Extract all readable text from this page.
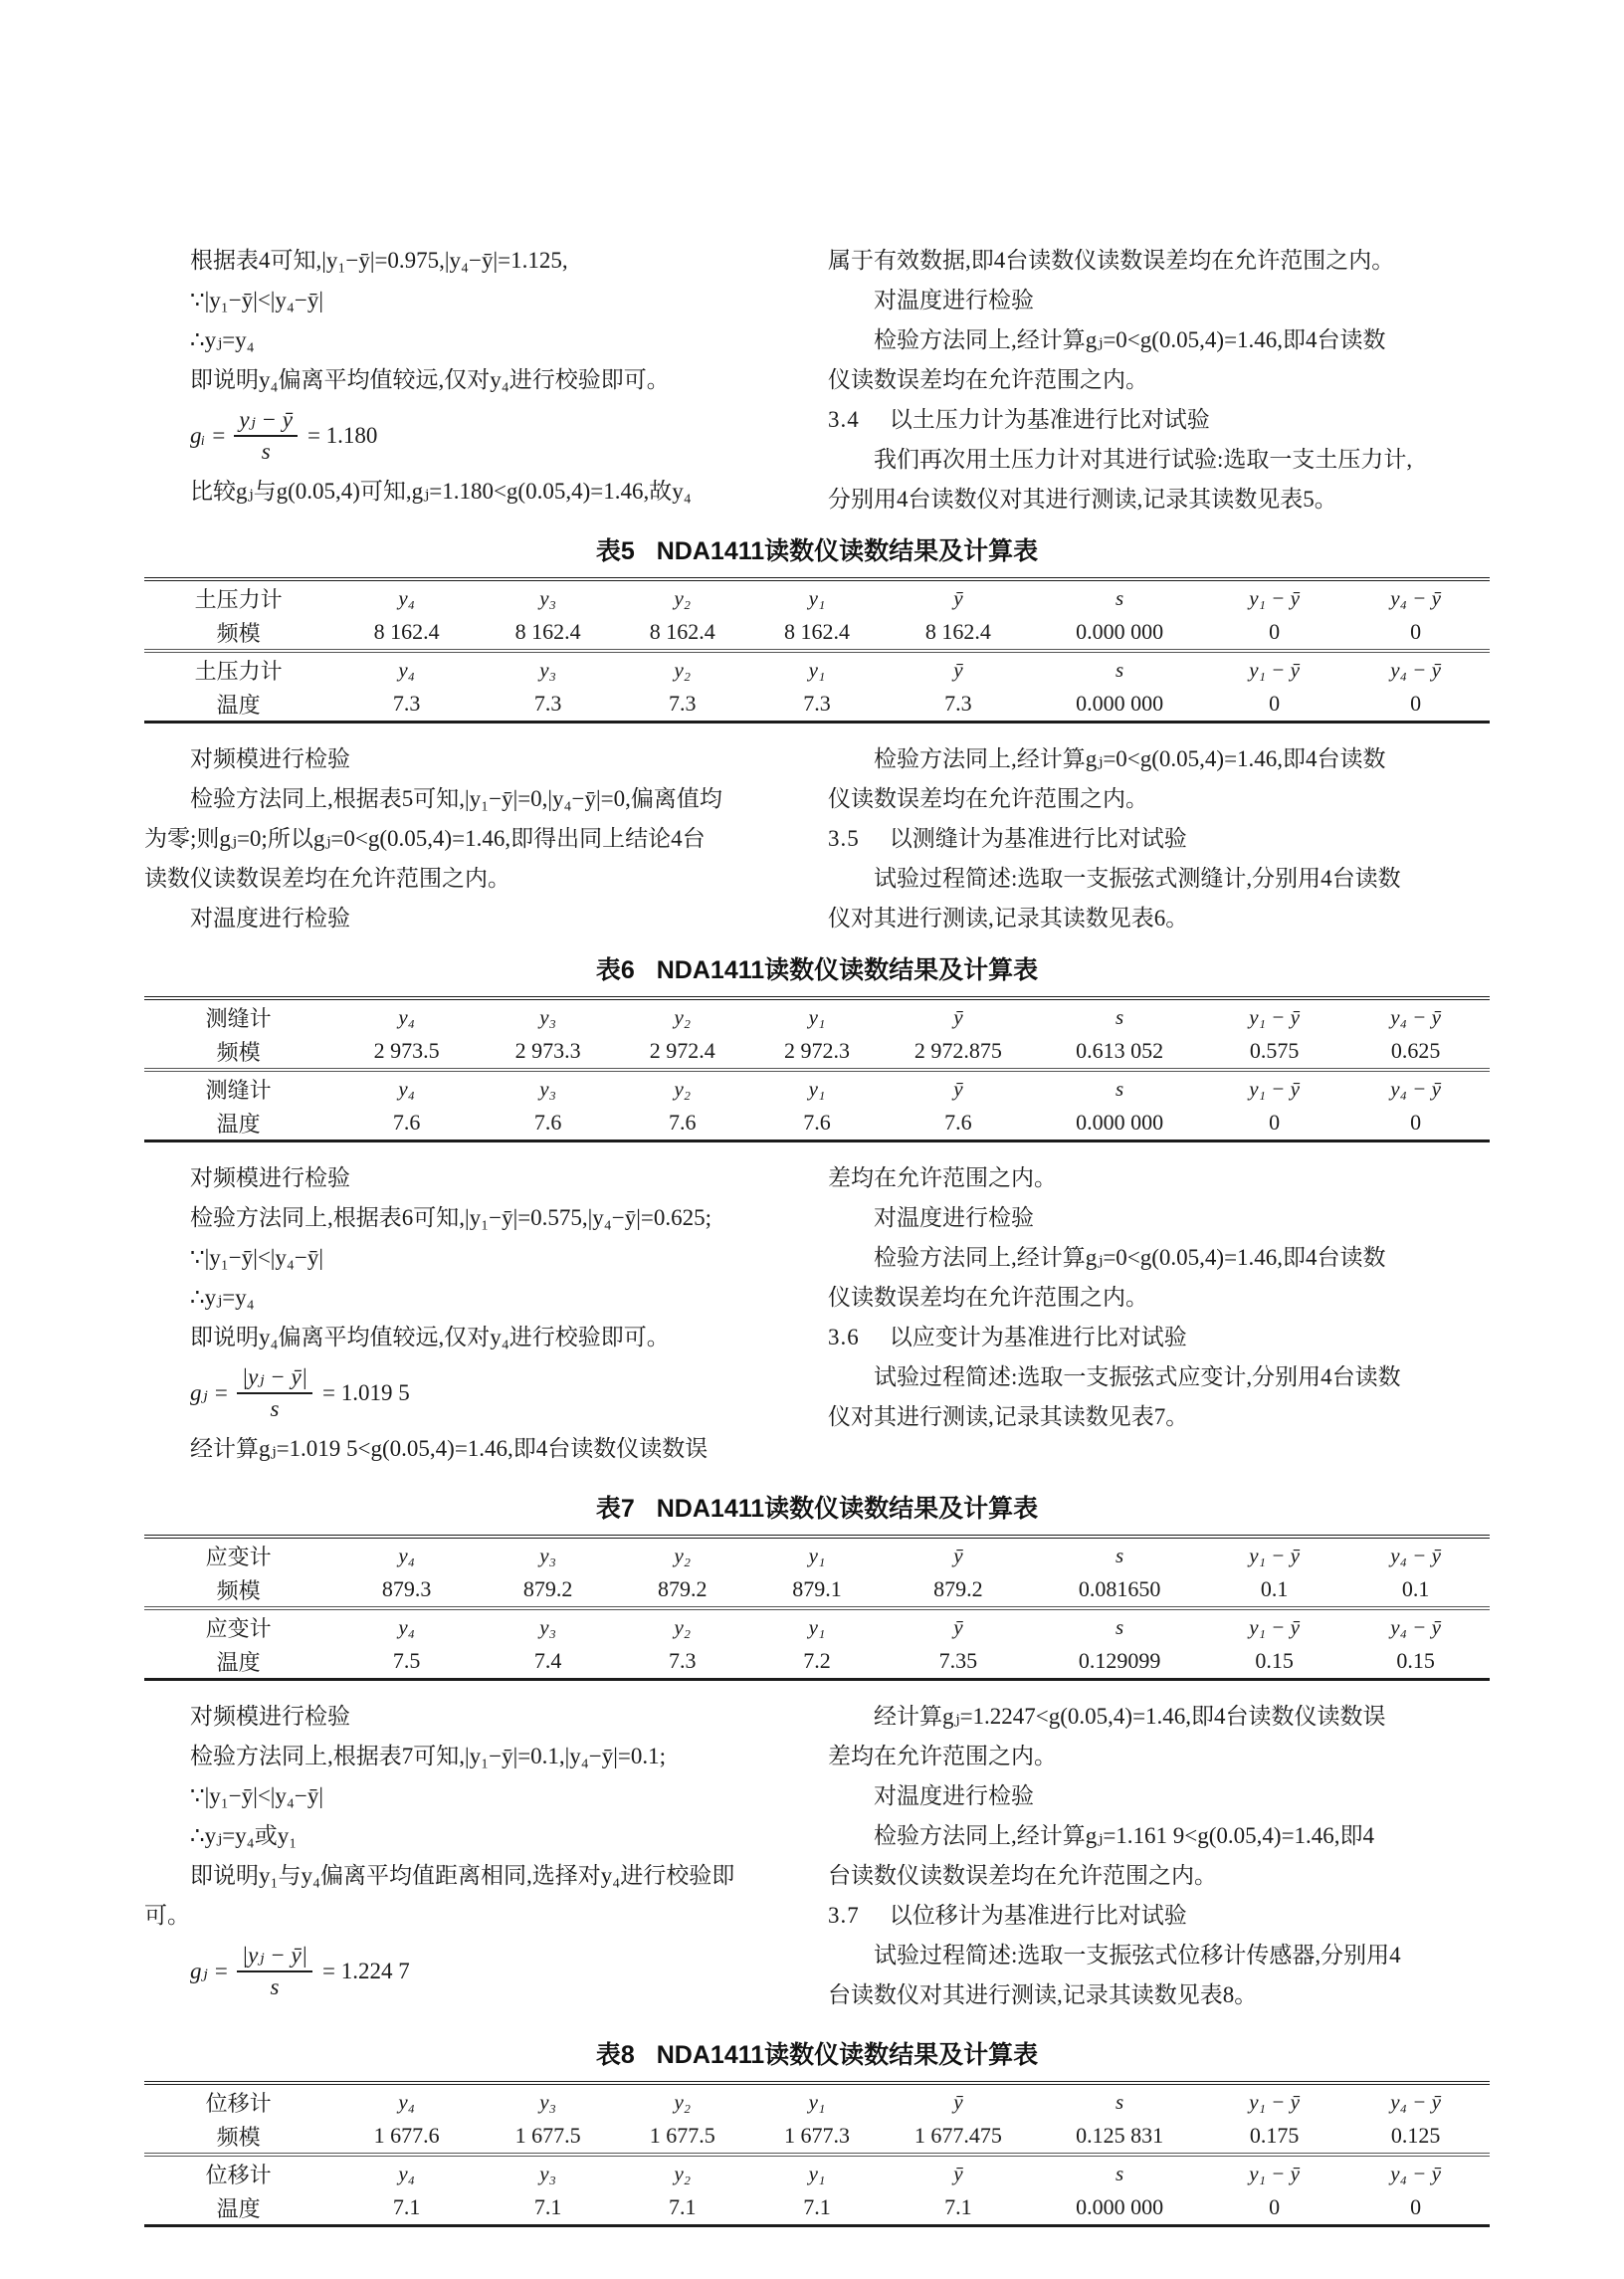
根据表4可知,|y₁−ȳ|=0.975,|y₄−ȳ|=1.125,
∵|y₁−ȳ|<|y₄−ȳ|
∴yⱼ=y₄
即说明y₄偏离平均值较远,仅对y₄进行校验即可。
gᵢ = $\frac{\text{yⱼ − ȳ}}{s} = 1.180$
比较gⱼ与g(0.05,4)可知,gⱼ=1.180<g(0.05,4)=1.46,故y₄
属于有效数据,即4台读数仪读数误差均在允许范围之内。
对温度进行检验
检验方法同上,经计算gⱼ=0<g(0.05,4)=1.46,即4台读数
仪读数误差均在允许范围之内。
3.4 以土压力计为基准进行比对试验
我们再次用土压力计对其进行试验:选取一支土压力计,
分别用4台读数仪对其进行测读,记录其读数见表5。
表5 NDA1411读数仪读数结果及计算表
土压力计	y₄	y₃	y₂	y₁	ȳ	s	y₁ − ȳ	y₄ − ȳ
频模	8 162.4	8 162.4	8 162.4	8 162.4	8 162.4	0.000 000	0	0
土压力计	y₄	y₃	y₂	y₁	ȳ	s	y₁ − ȳ	y₄ − ȳ
温度	7.3	7.3	7.3	7.3	7.3	0.000 000	0	0
对频模进行检验
检验方法同上,根据表5可知,|y₁−ȳ|=0,|y₄−ȳ|=0,偏离值均
为零;则gⱼ=0;所以gⱼ=0<g(0.05,4)=1.46,即得出同上结论4台
读数仪读数误差均在允许范围之内。
对温度进行检验
检验方法同上,经计算gⱼ=0<g(0.05,4)=1.46,即4台读数
仪读数误差均在允许范围之内。
3.5 以测缝计为基准进行比对试验
试验过程简述:选取一支振弦式测缝计,分别用4台读数
仪对其进行测读,记录其读数见表6。
表6 NDA1411读数仪读数结果及计算表
测缝计	y₄	y₃	y₂	y₁	ȳ	s	y₁ − ȳ	y₄ − ȳ
频模	2 973.5	2 973.3	2 972.4	2 972.3	2 972.875	0.613 052	0.575	0.625
测缝计	y₄	y₃	y₂	y₁	ȳ	s	y₁ − ȳ	y₄ − ȳ
温度	7.6	7.6	7.6	7.6	7.6	0.000 000	0	0
对频模进行检验
检验方法同上,根据表6可知,|y₁−ȳ|=0.575,|y₄−ȳ|=0.625;
∵|y₁−ȳ|<|y₄−ȳ|
∴yⱼ=y₄
即说明y₄偏离平均值较远,仅对y₄进行校验即可。
gⱼ = $\frac{\text{|yⱼ − ȳ|}}{s} = 1.019$ 5
经计算gⱼ=1.019 5<g(0.05,4)=1.46,即4台读数仪读数误
差均在允许范围之内。
对温度进行检验
检验方法同上,经计算gⱼ=0<g(0.05,4)=1.46,即4台读数
仪读数误差均在允许范围之内。
3.6 以应变计为基准进行比对试验
试验过程简述:选取一支振弦式应变计,分别用4台读数
仪对其进行测读,记录其读数见表7。
表7 NDA1411读数仪读数结果及计算表
应变计	y₄	y₃	y₂	y₁	ȳ	s	y₁ − ȳ	y₄ − ȳ
频模	879.3	879.2	879.2	879.1	879.2	0.081650	0.1	0.1
应变计	y₄	y₃	y₂	y₁	ȳ	s	y₁ − ȳ	y₄ − ȳ
温度	7.5	7.4	7.3	7.2	7.35	0.129099	0.15	0.15
对频模进行检验
检验方法同上,根据表7可知,|y₁−ȳ|=0.1,|y₄−ȳ|=0.1;
∵|y₁−ȳ|<|y₄−ȳ|
∴yⱼ=y₄或y₁
即说明y₁与y₄偏离平均值距离相同,选择对y₄进行校验即
可。
gⱼ = $\frac{\text{|yⱼ − ȳ|}}{s} = 1.224$ 7
经计算gⱼ=1.2247<g(0.05,4)=1.46,即4台读数仪读数误
差均在允许范围之内。
对温度进行检验
检验方法同上,经计算gⱼ=1.161 9<g(0.05,4)=1.46,即4
台读数仪读数误差均在允许范围之内。
3.7 以位移计为基准进行比对试验
试验过程简述:选取一支振弦式位移计传感器,分别用4
台读数仪对其进行测读,记录其读数见表8。
表8 NDA1411读数仪读数结果及计算表
位移计	y₄	y₃	y₂	y₁	ȳ	s	y₁ − ȳ	y₄ − ȳ
频模	1 677.6	1 677.5	1 677.5	1 677.3	1 677.475	0.125 831	0.175	0.125
位移计	y₄	y₃	y₂	y₁	ȳ	s	y₁ − ȳ	y₄ − ȳ
温度	7.1	7.1	7.1	7.1	7.1	0.000 000	0	0
